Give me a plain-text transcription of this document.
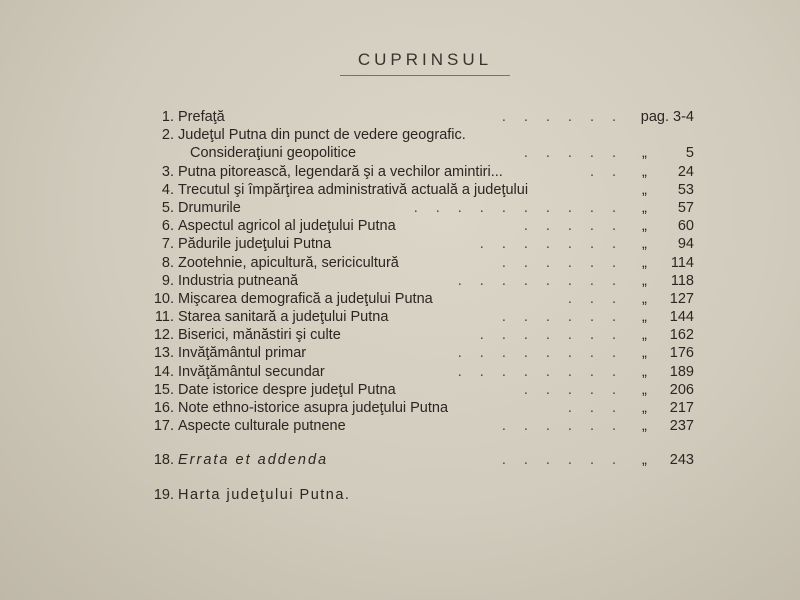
CUPRINSUL
1. Prefaţă	...... pag. 3-4
2. Judeţul Putna din punct de vedere geografic.
Consideraţiuni geopolitice	..... „	5
3. Putna pitorească, legendară şi a vechilor amintiri...	.. „ 24
4. Trecutul şi împărţirea administrativă actuală a judeţului	„ 53
5. Drumurile	.......... „ 57
6. Aspectul agricol al judeţului Putna	..... „ 60
7. Pădurile judeţului Putna	....... „ 94
8. Zootehnie, apicultură, sericicultură	...... „ 114
9. Industria putneană	........ „ 118
10. Mişcarea demografică a judeţului Putna	... „ 127
11. Starea sanitară a judeţului Putna	...... „ 144
12. Biserici, mănăstiri şi culte	....... „ 162
13. Invăţământul primar	........ „ 176
14. Invăţământul secundar	........ „ 189
15. Date istorice despre judeţul Putna	..... „ 206
16. Note ethno-istorice asupra judeţului Putna	... „ 217
17. Aspecte culturale putnene	...... „ 237
18. Errata et addenda	...... „ 243
19. Harta judeţului Putna.
